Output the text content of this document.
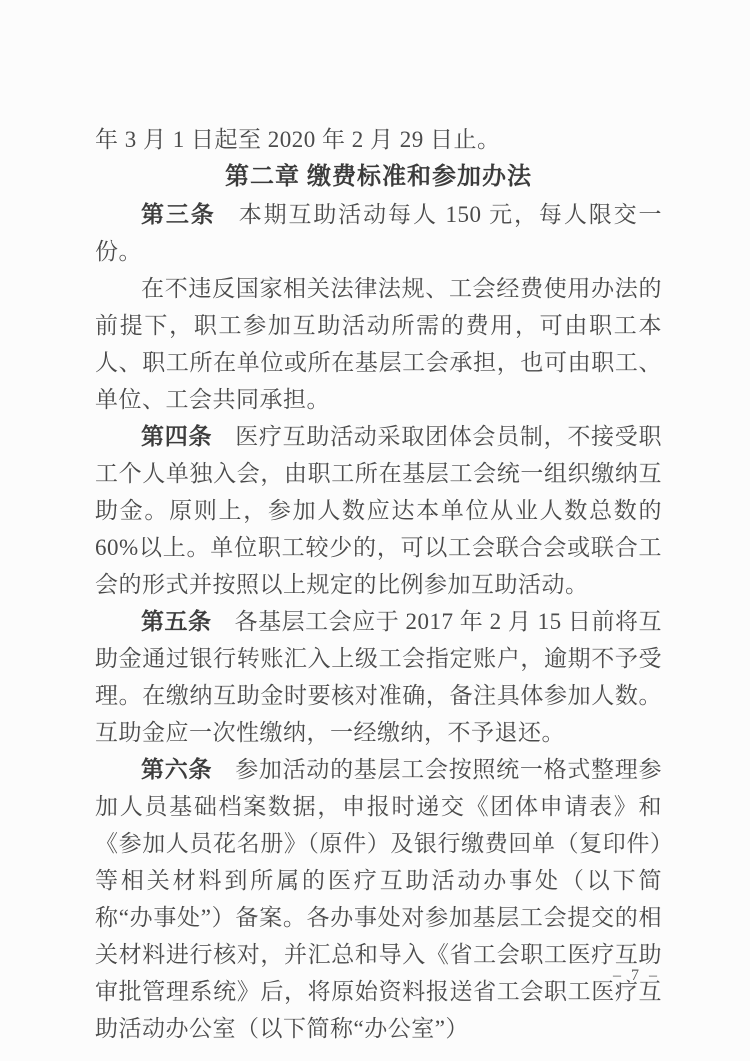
年 3 月 1 日起至 2020 年 2 月 29 日止。

第二章 缴费标准和参加办法

第三条 本期互助活动每人 150 元，每人限交一份。

在不违反国家相关法律法规、工会经费使用办法的前提下，职工参加互助活动所需的费用，可由职工本人、职工所在单位或所在基层工会承担，也可由职工、单位、工会共同承担。

第四条 医疗互助活动采取团体会员制，不接受职工个人单独入会，由职工所在基层工会统一组织缴纳互助金。原则上，参加人数应达本单位从业人数总数的 60%以上。单位职工较少的，可以工会联合会或联合工会的形式并按照以上规定的比例参加互助活动。

第五条 各基层工会应于 2017 年 2 月 15 日前将互助金通过银行转账汇入上级工会指定账户，逾期不予受理。在缴纳互助金时要核对准确，备注具体参加人数。互助金应一次性缴纳，一经缴纳，不予退还。

第六条 参加活动的基层工会按照统一格式整理参加人员基础档案数据，申报时递交《团体申请表》和《参加人员花名册》（原件）及银行缴费回单（复印件）等相关材料到所属的医疗互助活动办事处（以下简称“办事处”）备案。各办事处对参加基层工会提交的相关材料进行核对，并汇总和导入《省工会职工医疗互助审批管理系统》后，将原始资料报送省工会职工医疗互助活动办公室（以下简称“办公室”）

– 7 –
